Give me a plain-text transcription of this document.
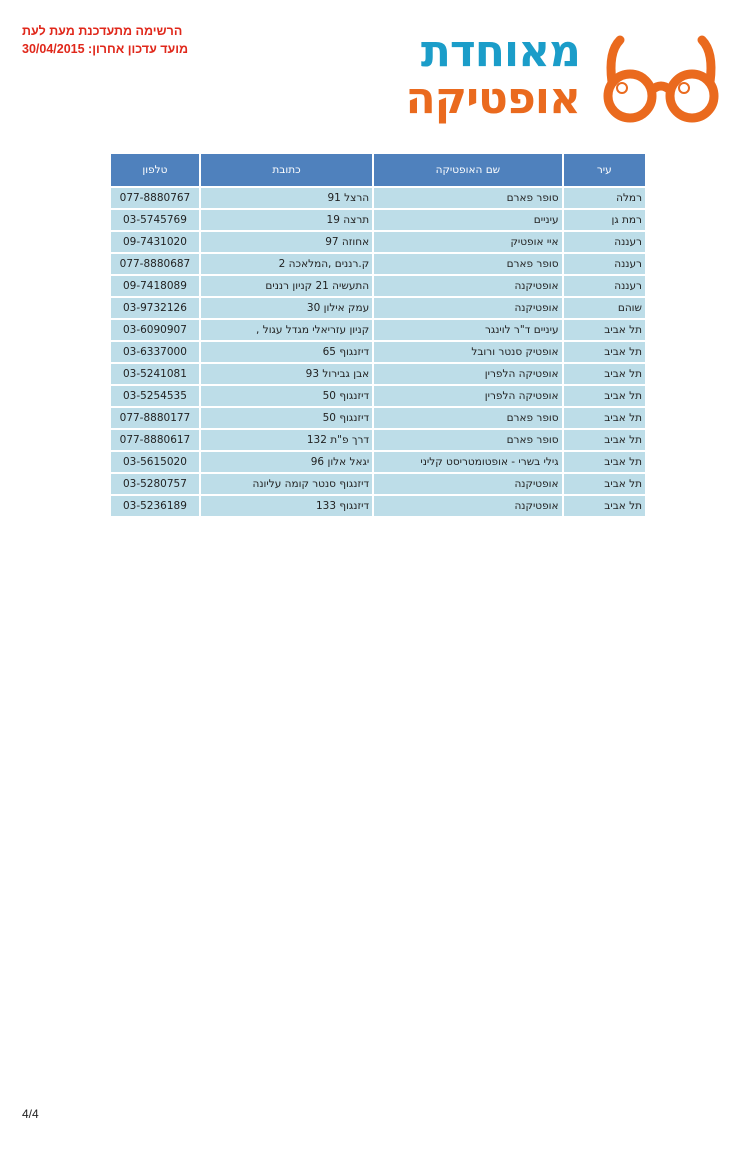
הרשימה מתעדכנת מעת לעת
מועד עדכון אחרון: 30/04/2015	מאוחדת
אופטיקה
עיר	שם האופטיקה	כתובת	טלפון
רמלה	סופר פארם	הרצל 91	077-8880767
רמת גן	עיניים	תרצה 19	03-5745769
רעננה	איי אופטיק	אחוזה 97	09-7431020
רעננה	סופר פארם	ק.רננים ,המלאכה 2	077-8880687
רעננה	אופטיקנה	התעשיה 21 קניון רננים	09-7418089
שוהם	אופטיקנה	עמק אילון 30	03-9732126
תל אביב	עיניים ד"ר לוינגר	קניון עזריאלי מגדל עגול ,	03-6090907
תל אביב	אופטיק סנטר ורובל	דיזנגוף 65	03-6337000
תל אביב	אופטיקה הלפרין	אבן גבירול 93	03-5241081
תל אביב	אופטיקה הלפרין	דיזנגוף 50	03-5254535
תל אביב	סופר פארם	דיזנגוף 50	077-8880177
תל אביב	סופר פארם	דרך פ"ת 132	077-8880617
תל אביב	גילי בשרי - אופטומטריסט קליני	יגאל אלון 96	03-5615020
תל אביב	אופטיקנה	דיזנגוף סנטר קומה עליונה	03-5280757
תל אביב	אופטיקנה	דיזנגוף 133	03-5236189
4/4
